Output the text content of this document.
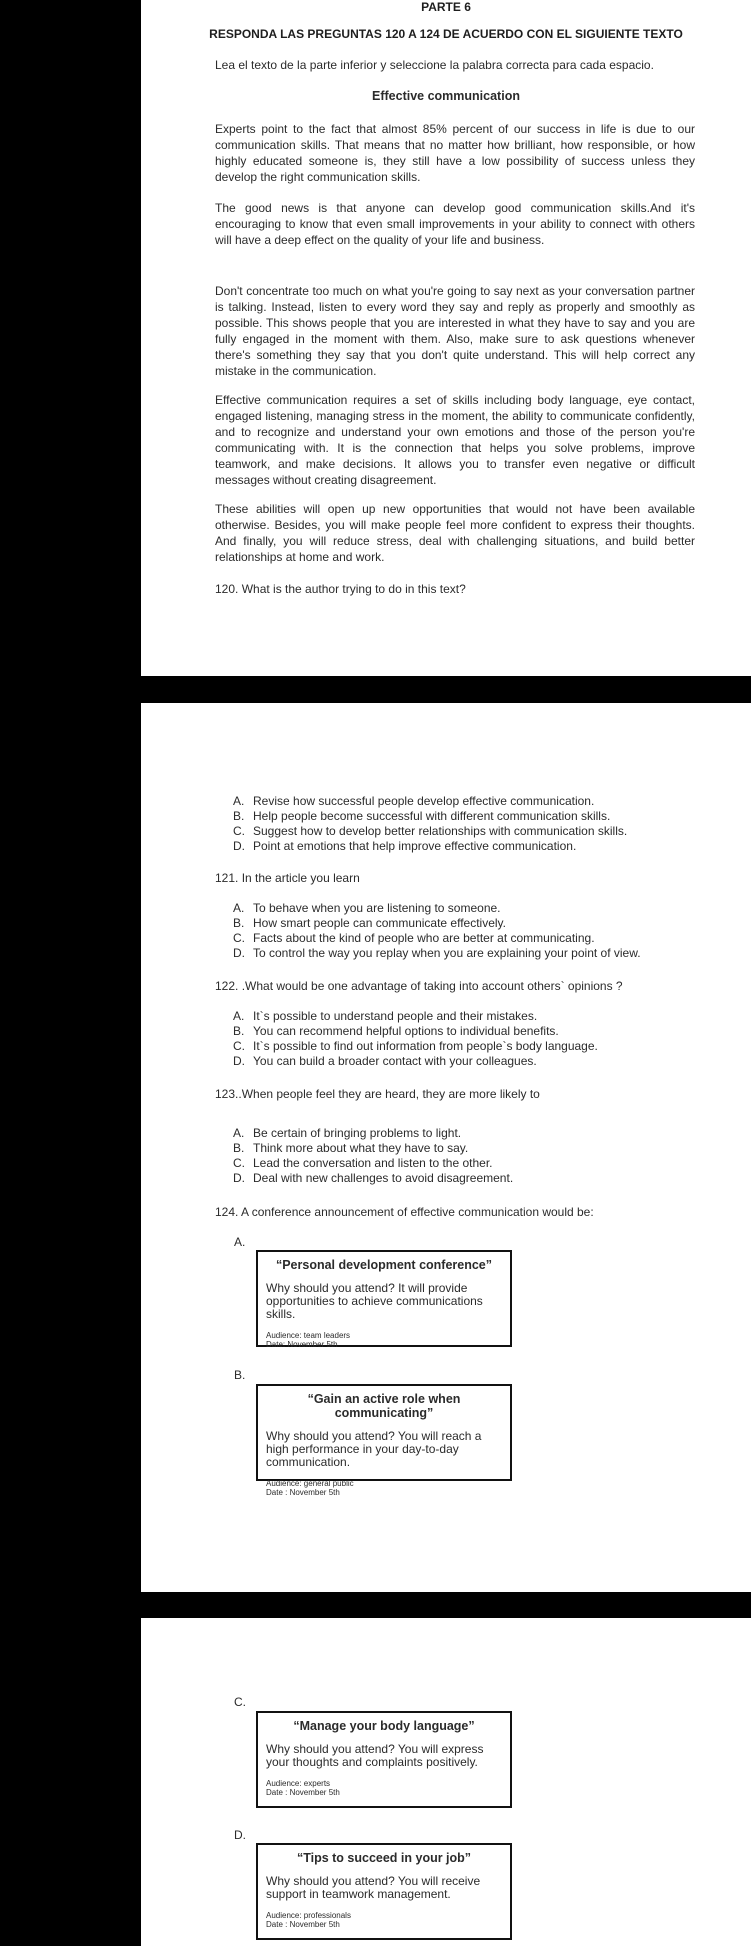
PARTE 6
RESPONDA LAS PREGUNTAS 120 A 124 DE ACUERDO CON EL SIGUIENTE TEXTO
Lea el texto de la parte inferior y seleccione la palabra correcta para cada espacio.
Effective communication

Experts point to the fact that almost 85% percent of our success in life is due to our communication skills. That means that no matter how brilliant, how responsible, or how highly educated someone is, they still have a low possibility of success unless they develop the right communication skills.

The good news is that anyone can develop good communication skills.And it's encouraging to know that even small improvements in your ability to connect with others will have a deep effect on the quality of your life and business.

Don't concentrate too much on what you're going to say next as your conversation partner is talking. Instead, listen to every word they say and reply as properly and smoothly as possible. This shows people that you are interested in what they have to say and you are fully engaged in the moment with them. Also, make sure to ask questions whenever there's something they say that you don't quite understand. This will help correct any mistake in the communication.

Effective communication requires a set of skills including body language, eye contact, engaged listening, managing stress in the moment, the ability to communicate confidently, and to recognize and understand your own emotions and those of the person you're communicating with. It is the connection that helps you solve problems, improve teamwork, and make decisions. It allows you to transfer even negative or difficult messages without creating disagreement.

These abilities will open up new opportunities that would not have been available otherwise. Besides, you will make people feel more confident to express their thoughts. And finally, you will reduce stress, deal with challenging situations, and build better relationships at home and work.

120. What is the author trying to do in this text?

A. Revise how successful people develop effective communication.
B. Help people become successful with different communication skills.
C. Suggest how to develop better relationships with communication skills.
D. Point at emotions that help improve effective communication.

121. In the article you learn

A. To behave when you are listening to someone.
B. How smart people can communicate effectively.
C. Facts about the kind of people who are better at communicating.
D. To control the way you replay when you are explaining your point of view.

122. .What would be one advantage of taking into account others` opinions ?

A. It`s possible to understand people and their mistakes.
B. You can recommend helpful options to individual benefits.
C. It`s possible to find out information from people`s body language.
D. You can build a broader contact with your colleagues.

123..When people feel they are heard, they are more likely to

A. Be certain of bringing problems to light.
B. Think more about what they have to say.
C. Lead the conversation and listen to the other.
D. Deal with new challenges to avoid disagreement.

124. A conference announcement of effective communication would be:

A.

“Personal development conference”

Why should you attend? It will provide opportunities to achieve communications skills.

Audience: team leaders

Date: November 5th

B.

“Gain an active role when communicating”

Why should you attend? You will reach a high performance in your day-to-day communication.

Audience: general public

Date : November 5th

C.

“Manage your body language”

Why should you attend? You will express your thoughts and complaints positively.

Audience: experts

Date : November 5th

D.

“Tips to succeed in your job”

Why should you attend? You will receive support in teamwork management.

Audience: professionals

Date : November 5th
